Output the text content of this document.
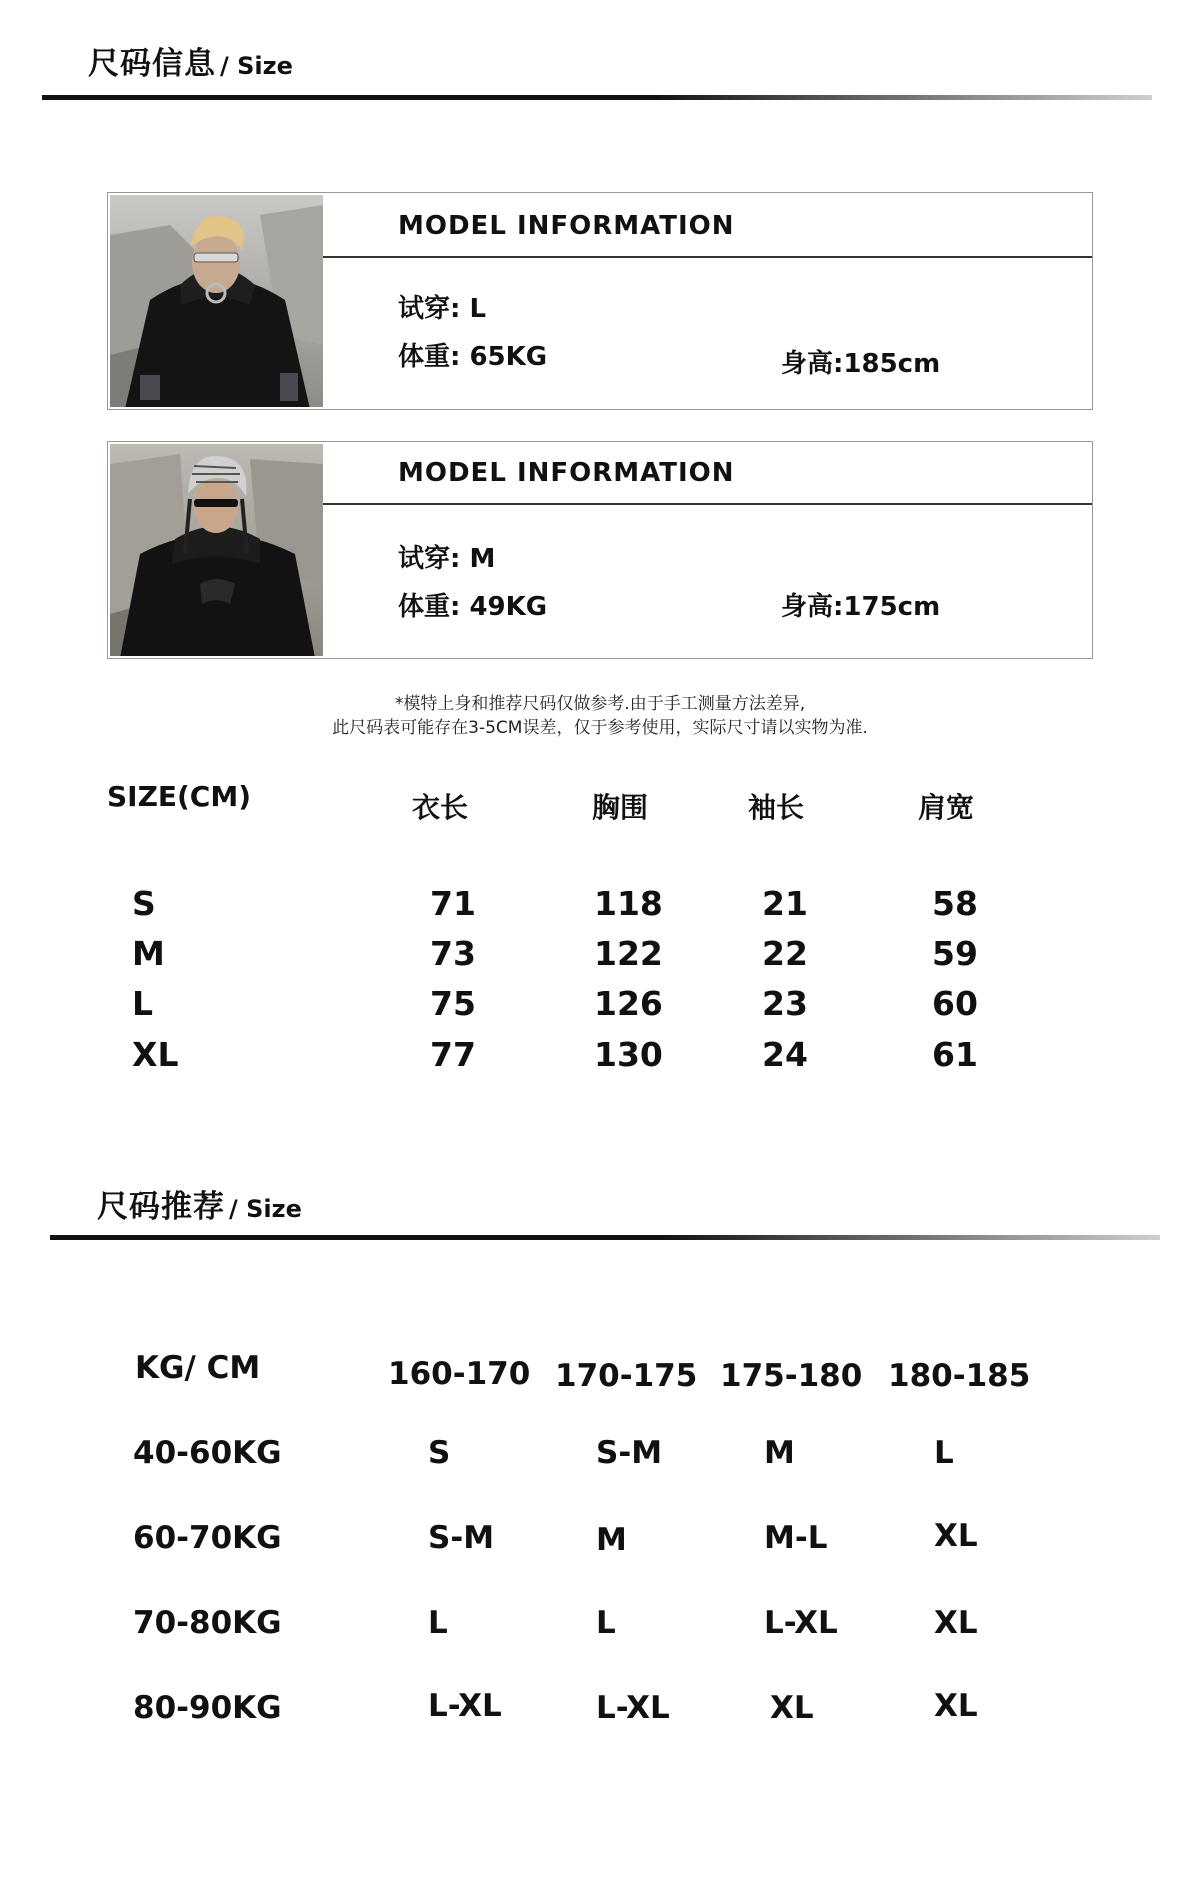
尺码信息 / Size
MODEL INFORMATION
试穿: L
体重: 65KG	身高:185cm
MODEL INFORMATION
试穿: M
体重: 49KG	身高:175cm
*模特上身和推荐尺码仅做参考.由于手工测量方法差异,
此尺码表可能存在3-5CM误差，仅于参考使用，实际尺寸请以实物为准.
SIZE(CM)	衣长	胸围	袖长	肩宽
S	71	118	21	58
M	73	122	22	59
L	75	126	23	60
XL	77	130	24	61
尺码推荐 / Size
KG/ CM	160-170 170-175 175-180 180-185
40-60KG	S	S-M	M	L
60-70KG	S-M	M	M-L	XL
70-80KG	L	L	L-XL	XL
80-90KG	L-XL	L-XL	XL	XL
